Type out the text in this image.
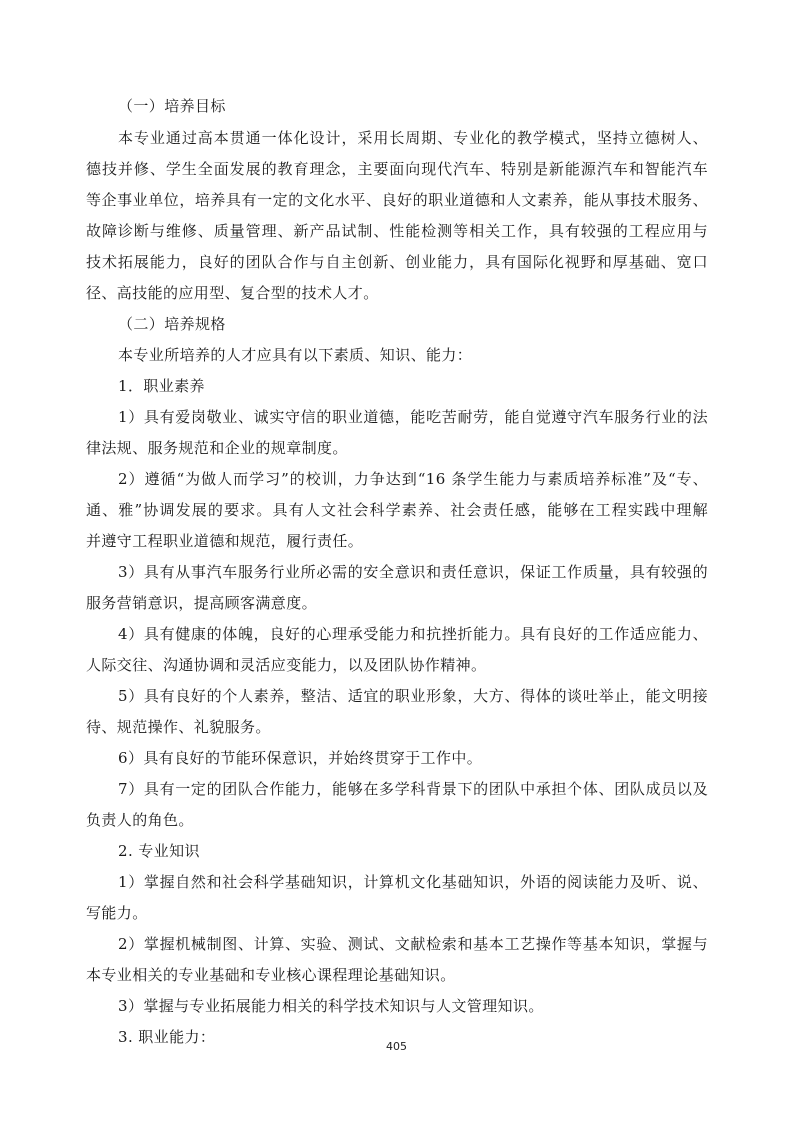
（一）培养目标
本专业通过高本贯通一体化设计，采用长周期、专业化的教学模式，坚持立德树人、
德技并修、学生全面发展的教育理念，主要面向现代汽车、特别是新能源汽车和智能汽车
等企事业单位，培养具有一定的文化水平、良好的职业道德和人文素养，能从事技术服务、
故障诊断与维修、质量管理、新产品试制、性能检测等相关工作，具有较强的工程应用与
技术拓展能力，良好的团队合作与自主创新、创业能力，具有国际化视野和厚基础、宽口
径、高技能的应用型、复合型的技术人才。
（二）培养规格
本专业所培养的人才应具有以下素质、知识、能力：
1．职业素养
1）具有爱岗敬业、诚实守信的职业道德，能吃苦耐劳，能自觉遵守汽车服务行业的法
律法规、服务规范和企业的规章制度。
2）遵循“为做人而学习”的校训，力争达到“16 条学生能力与素质培养标准”及“专、
通、雅”协调发展的要求。具有人文社会科学素养、社会责任感，能够在工程实践中理解
并遵守工程职业道德和规范，履行责任。
3）具有从事汽车服务行业所必需的安全意识和责任意识，保证工作质量，具有较强的
服务营销意识，提高顾客满意度。
4）具有健康的体魄，良好的心理承受能力和抗挫折能力。具有良好的工作适应能力、
人际交往、沟通协调和灵活应变能力，以及团队协作精神。
5）具有良好的个人素养，整洁、适宜的职业形象，大方、得体的谈吐举止，能文明接
待、规范操作、礼貌服务。
6）具有良好的节能环保意识，并始终贯穿于工作中。
7）具有一定的团队合作能力，能够在多学科背景下的团队中承担个体、团队成员以及
负责人的角色。
2. 专业知识
1）掌握自然和社会科学基础知识，计算机文化基础知识，外语的阅读能力及听、说、
写能力。
2）掌握机械制图、计算、实验、测试、文献检索和基本工艺操作等基本知识，掌握与
本专业相关的专业基础和专业核心课程理论基础知识。
3）掌握与专业拓展能力相关的科学技术知识与人文管理知识。
3. 职业能力：
405
